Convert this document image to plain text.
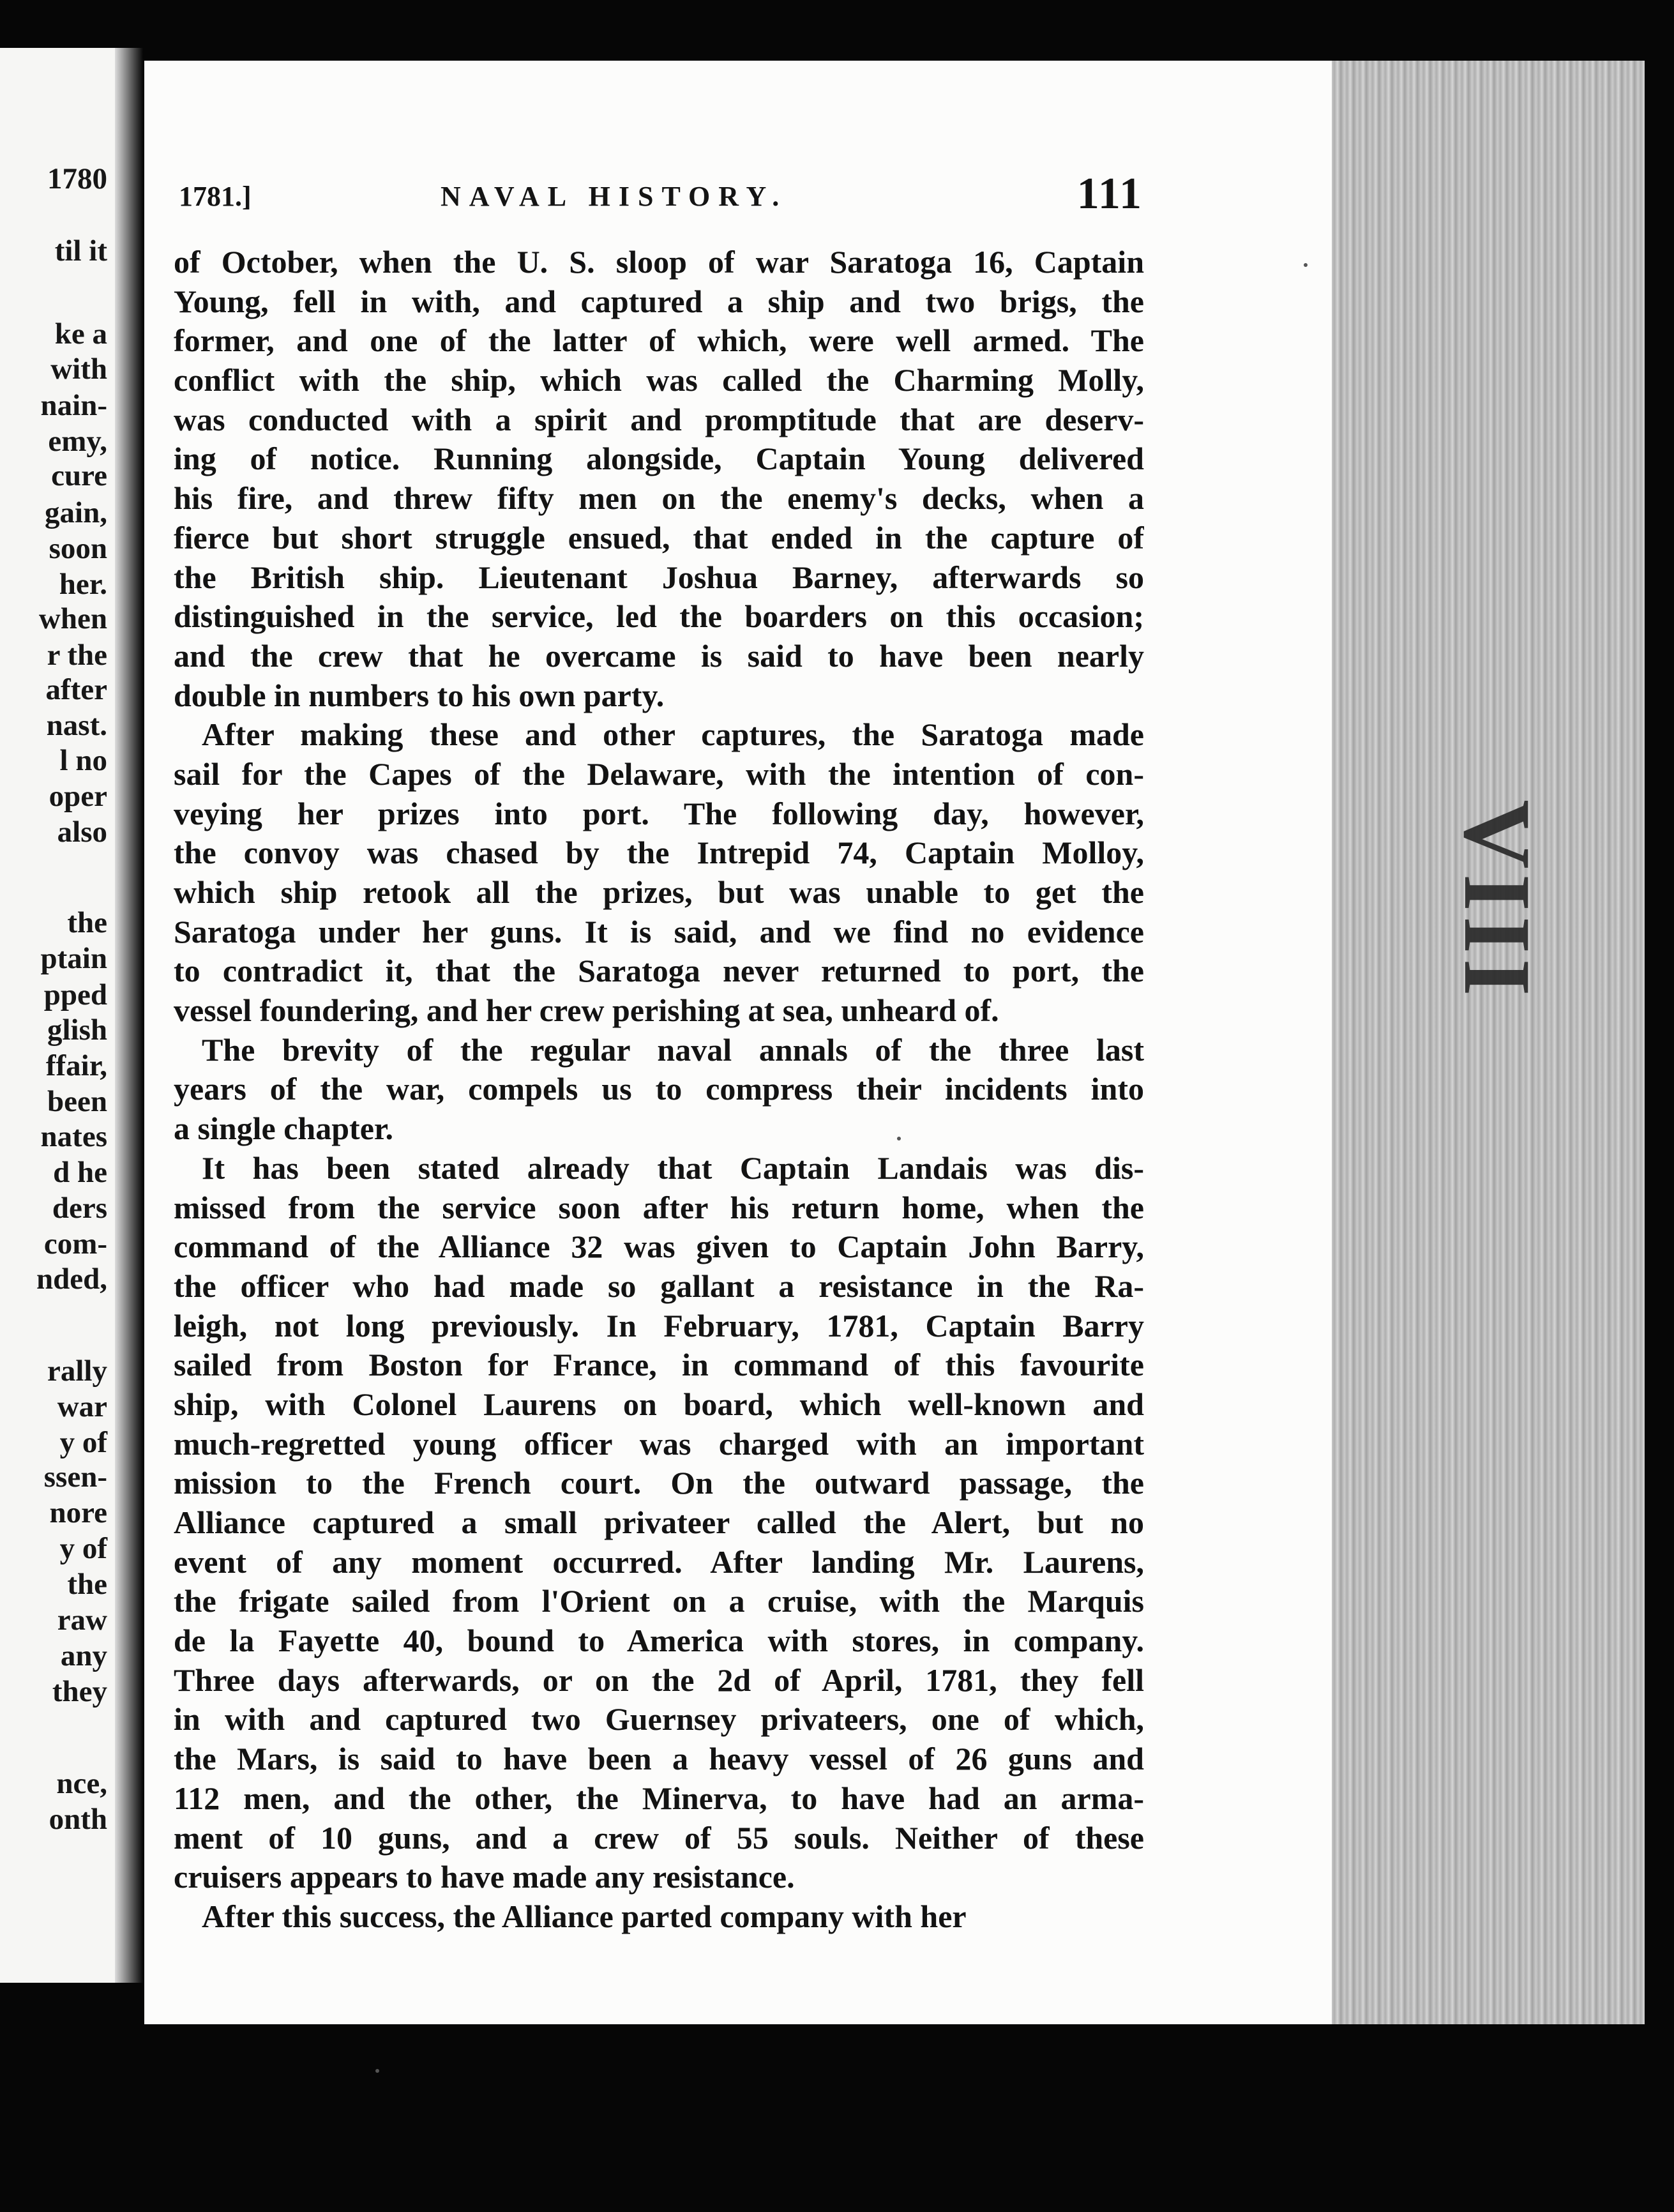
1780
til it
ke a
with
nain-
emy,
cure
gain,
soon
her.
when
r the
after
nast.
l no
oper
also
the
ptain
pped
glish
ffair,
been
nates
d he
ders
com-
nded,
rally
war
y of
ssen-
nore
y of
the
raw
any
they
nce,
onth
VIII
1781.]	NAVAL HISTORY.	111
of October, when the U. S. sloop of war Saratoga 16, Captain
Young, fell in with, and captured a ship and two brigs, the
former, and one of the latter of which, were well armed. The
conflict with the ship, which was called the Charming Molly,
was conducted with a spirit and promptitude that are deserv-
ing of notice. Running alongside, Captain Young delivered
his fire, and threw fifty men on the enemy's decks, when a
fierce but short struggle ensued, that ended in the capture of
the British ship. Lieutenant Joshua Barney, afterwards so
distinguished in the service, led the boarders on this occasion;
and the crew that he overcame is said to have been nearly
double in numbers to his own party.
After making these and other captures, the Saratoga made
sail for the Capes of the Delaware, with the intention of con-
veying her prizes into port. The following day, however,
the convoy was chased by the Intrepid 74, Captain Molloy,
which ship retook all the prizes, but was unable to get the
Saratoga under her guns. It is said, and we find no evidence
to contradict it, that the Saratoga never returned to port, the
vessel foundering, and her crew perishing at sea, unheard of.
The brevity of the regular naval annals of the three last
years of the war, compels us to compress their incidents into
a single chapter.
It has been stated already that Captain Landais was dis-
missed from the service soon after his return home, when the
command of the Alliance 32 was given to Captain John Barry,
the officer who had made so gallant a resistance in the Ra-
leigh, not long previously. In February, 1781, Captain Barry
sailed from Boston for France, in command of this favourite
ship, with Colonel Laurens on board, which well-known and
much-regretted young officer was charged with an important
mission to the French court. On the outward passage, the
Alliance captured a small privateer called the Alert, but no
event of any moment occurred. After landing Mr. Laurens,
the frigate sailed from l'Orient on a cruise, with the Marquis
de la Fayette 40, bound to America with stores, in company.
Three days afterwards, or on the 2d of April, 1781, they fell
in with and captured two Guernsey privateers, one of which,
the Mars, is said to have been a heavy vessel of 26 guns and
112 men, and the other, the Minerva, to have had an arma-
ment of 10 guns, and a crew of 55 souls. Neither of these
cruisers appears to have made any resistance.
After this success, the Alliance parted company with her
